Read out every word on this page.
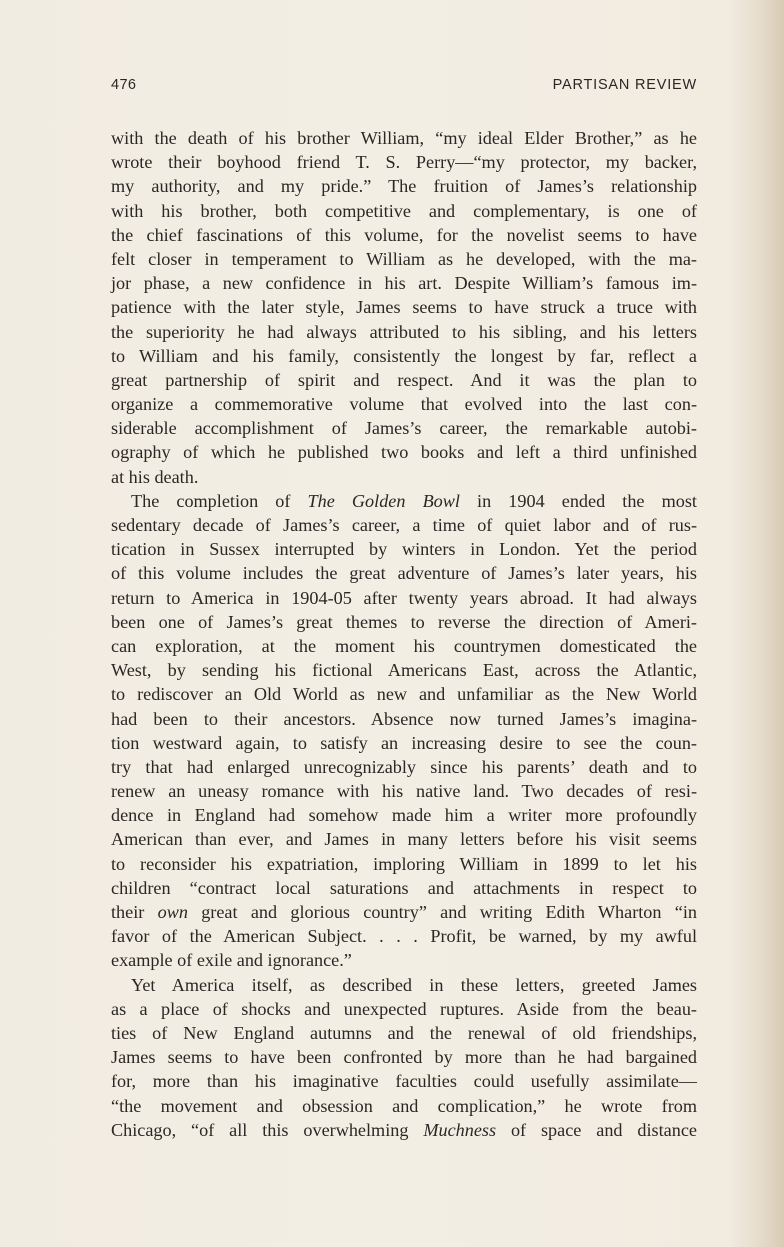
476	PARTISAN REVIEW
with the death of his brother William, “my ideal Elder Brother,” as he
wrote their boyhood friend T. S. Perry—“my protector, my backer,
my authority, and my pride.” The fruition of James’s relationship
with his brother, both competitive and complementary, is one of
the chief fascinations of this volume, for the novelist seems to have
felt closer in temperament to William as he developed, with the ma-
jor phase, a new confidence in his art. Despite William’s famous im-
patience with the later style, James seems to have struck a truce with
the superiority he had always attributed to his sibling, and his letters
to William and his family, consistently the longest by far, reflect a
great partnership of spirit and respect. And it was the plan to
organize a commemorative volume that evolved into the last con-
siderable accomplishment of James’s career, the remarkable autobi-
ography of which he published two books and left a third unfinished
at his death.
The completion of The Golden Bowl in 1904 ended the most
sedentary decade of James’s career, a time of quiet labor and of rus-
tication in Sussex interrupted by winters in London. Yet the period
of this volume includes the great adventure of James’s later years, his
return to America in 1904-05 after twenty years abroad. It had always
been one of James’s great themes to reverse the direction of Ameri-
can exploration, at the moment his countrymen domesticated the
West, by sending his fictional Americans East, across the Atlantic,
to rediscover an Old World as new and unfamiliar as the New World
had been to their ancestors. Absence now turned James’s imagina-
tion westward again, to satisfy an increasing desire to see the coun-
try that had enlarged unrecognizably since his parents’ death and to
renew an uneasy romance with his native land. Two decades of resi-
dence in England had somehow made him a writer more profoundly
American than ever, and James in many letters before his visit seems
to reconsider his expatriation, imploring William in 1899 to let his
children “contract local saturations and attachments in respect to
their own great and glorious country” and writing Edith Wharton “in
favor of the American Subject. . . . Profit, be warned, by my awful
example of exile and ignorance.”
Yet America itself, as described in these letters, greeted James
as a place of shocks and unexpected ruptures. Aside from the beau-
ties of New England autumns and the renewal of old friendships,
James seems to have been confronted by more than he had bargained
for, more than his imaginative faculties could usefully assimilate—
“the movement and obsession and complication,” he wrote from
Chicago, “of all this overwhelming Muchness of space and distance
